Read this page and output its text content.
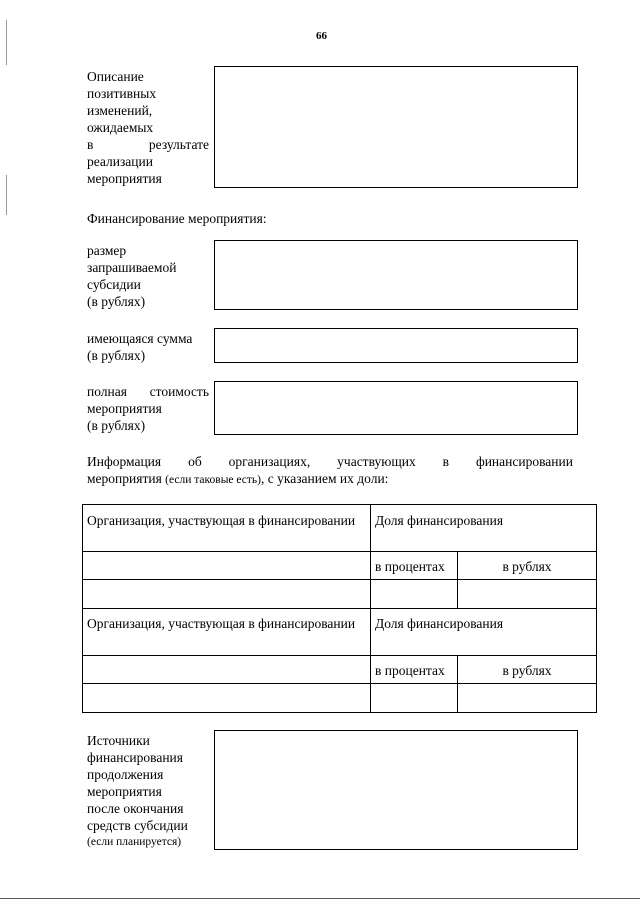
66
Описание
позитивных
изменений,
ожидаемых
в	результате
реализации
мероприятия
Финансирование мероприятия:
размер
запрашиваемой
субсидии
(в рублях)
имеющаяся сумма
(в рублях)
полная стоимость
мероприятия
(в рублях)
Информация об организациях, участвующих в финансировании
мероприятия (если таковые есть), с указанием их доли:
Организация, участвующая в финансировании	Доля финансирования	
	в процентах	в рублях

Организация, участвующая в финансировании	Доля финансирования	
	в процентах	в рублях

Источники
финансирования
продолжения
мероприятия
после окончания
средств субсидии
(если планируется)
